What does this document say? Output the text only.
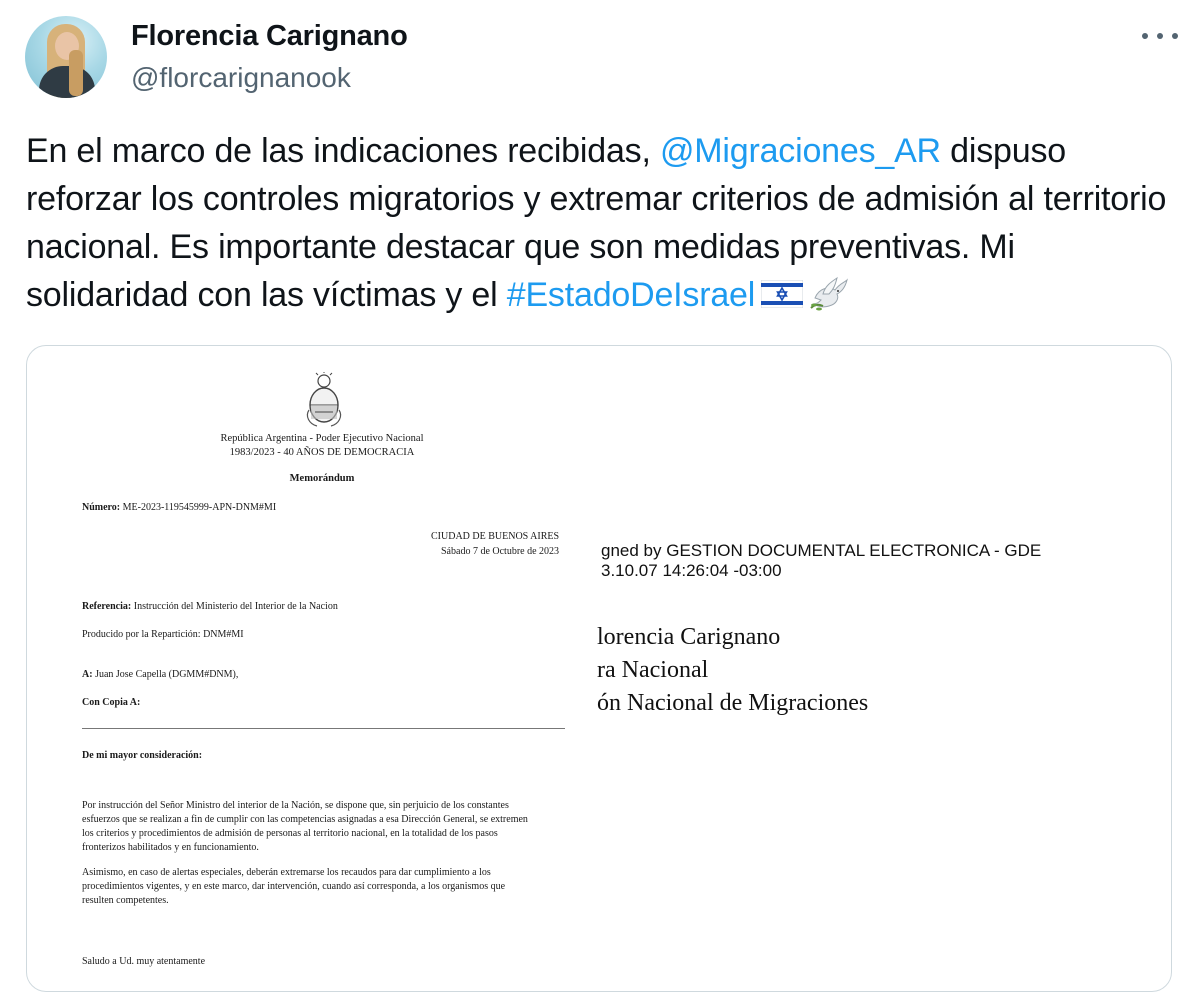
Florencia Carignano
@florcarignanook
En el marco de las indicaciones recibidas, @Migraciones_AR dispuso reforzar los controles migratorios y extremar criterios de admisión al territorio nacional. Es importante destacar que son medidas preventivas. Mi solidaridad con las víctimas y el #EstadoDeIsrael
República Argentina - Poder Ejecutivo Nacional
1983/2023 - 40 AÑOS DE DEMOCRACIA
Memorándum
Número: ME-2023-119545999-APN-DNM#MI
CIUDAD DE BUENOS AIRES
Sábado 7 de Octubre de 2023
Referencia: Instrucción del Ministerio del Interior de la Nacion
Producido por la Repartición: DNM#MI
A: Juan Jose Capella (DGMM#DNM),
Con Copia A:
De mi mayor consideración:
Por instrucción del Señor Ministro del interior de la Nación, se dispone que, sin perjuicio de los constantes
esfuerzos que se realizan a fin de cumplir con las competencias asignadas a esa Dirección General, se extremen
los criterios y procedimientos de admisión de personas al territorio nacional, en la totalidad de los pasos
fronterizos habilitados y en funcionamiento.
Asimismo, en caso de alertas especiales, deberán extremarse los recaudos para dar cumplimiento a los
procedimientos vigentes, y en este marco, dar intervención, cuando así corresponda, a los organismos que
resulten competentes.
Saludo a Ud. muy atentamente
gned by GESTION DOCUMENTAL ELECTRONICA - GDE
3.10.07 14:26:04 -03:00
lorencia Carignano
ra Nacional
ón Nacional de Migraciones
